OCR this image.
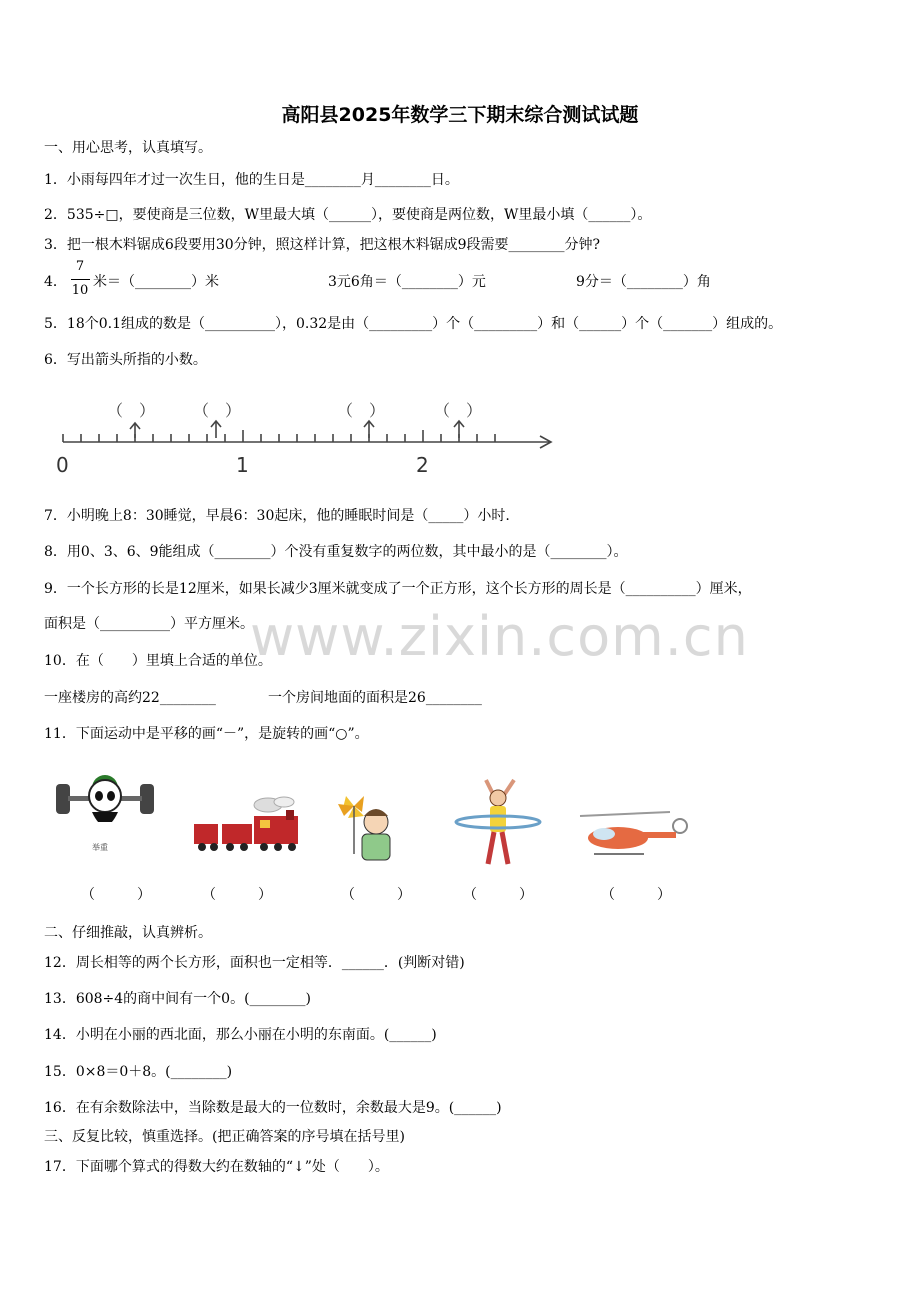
高阳县2025年数学三下期末综合测试试题
一、用心思考，认真填写。
1．小雨每四年才过一次生日，他的生日是________月________日。
2．535÷□，要使商是三位数，W里最大填（______），要使商是两位数，W里最小填（______）。
3．把一根木料锯成6段要用30分钟，照这样计算，把这根木料锯成9段需要________分钟?
4．
7
10
米＝（________）米	3元6角＝（________）元	9分＝（________）角
5．18个0.1组成的数是（__________），0.32是由（_________）个（_________）和（______）个（_______）组成的。
6．写出箭头所指的小数。
（　） （　）	（　）	（　）
0	1	2
7．小明晚上8：30睡觉，早晨6：30起床，他的睡眠时间是（_____）小时.
8．用0、3、6、9能组成（________）个没有重复数字的两位数，其中最小的是（________）。
9．一个长方形的长是12厘米，如果长减少3厘米就变成了一个正方形，这个长方形的周长是（__________）厘米，
面积是（__________）平方厘米。
www.zixin.com.cn
10．在（　　）里填上合适的单位。
一座楼房的高约22________	一个房间地面的面积是26________
11．下面运动中是平移的画“－”，是旋转的画“○”。
举重
（　　　）	（　　　）	（　　　）	（　　　）	（　　　）
二、仔细推敲，认真辨析。
12．周长相等的两个长方形，面积也一定相等．______．(判断对错)
13．608÷4的商中间有一个0。(________)
14．小明在小丽的西北面，那么小丽在小明的东南面。(______)
15．0×8＝0＋8。(________)
16．在有余数除法中，当除数是最大的一位数时，余数最大是9。(______)
三、反复比较，慎重选择。(把正确答案的序号填在括号里)
17．下面哪个算式的得数大约在数轴的“↓”处（　　）。
